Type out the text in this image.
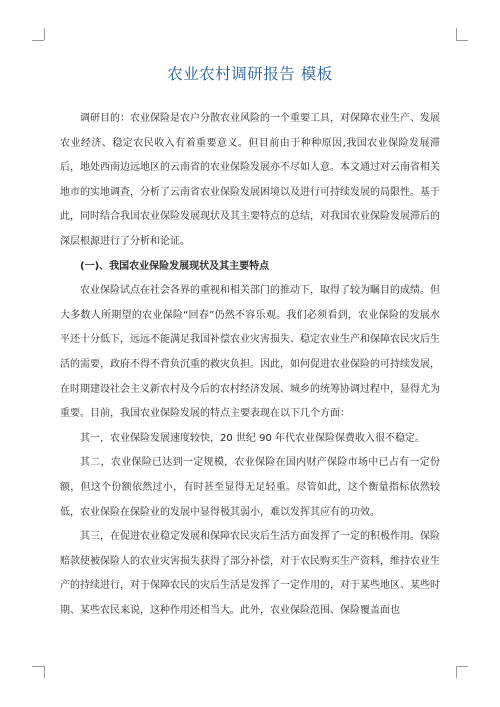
农业农村调研报告 模板

调研目的：农业保险是农户分散农业风险的一个重要工具，对保障农业生产、发展农业经济、稳定农民收入有着重要意义。但目前由于种种原因,我国农业保险发展滞后，地处西南边远地区的云南省的农业保险发展亦不尽如人意。本文通过对云南省相关地市的实地调查，分析了云南省农业保险发展困境以及进行可持续发展的局限性。基于此，同时结合我国农业保险发展现状及其主要特点的总结，对我国农业保险发展滞后的深层根源进行了分析和论证。

(一)、我国农业保险发展现状及其主要特点

农业保险试点在社会各界的重视和相关部门的推动下，取得了较为瞩目的成绩。但大多数人所期望的农业保险“回春”仍然不容乐观。我们必须看到，农业保险的发展水平还十分低下，远远不能满足我国补偿农业灾害损失、稳定农业生产和保障农民灾后生活的需要，政府不得不背负沉重的救灾负担。因此，如何促进农业保险的可持续发展，在时期建设社会主义新农村及今后的农村经济发展、城乡的统筹协调过程中，显得尤为重要。目前，我国农业保险发展的特点主要表现在以下几个方面：

其一，农业保险发展速度较快，20 世纪 90 年代农业保险保费收入很不稳定。

其二，农业保险已达到一定规模，农业保险在国内财产保险市场中已占有一定份额，但这个份额依然过小，有时甚至显得无足轻重。尽管如此，这个衡量指标依然较低，农业保险在保险业的发展中显得极其弱小，难以发挥其应有的功效。

其三，在促进农业稳定发展和保障农民灾后生活方面发挥了一定的积极作用。保险赔款使被保险人的农业灾害损失获得了部分补偿，对于农民购买生产资料，维持农业生产的持续进行，对于保障农民的灾后生活是发挥了一定作用的，对于某些地区、某些时期、某些农民来说，这种作用还相当大。此外，农业保险范围、保险覆盖面也
